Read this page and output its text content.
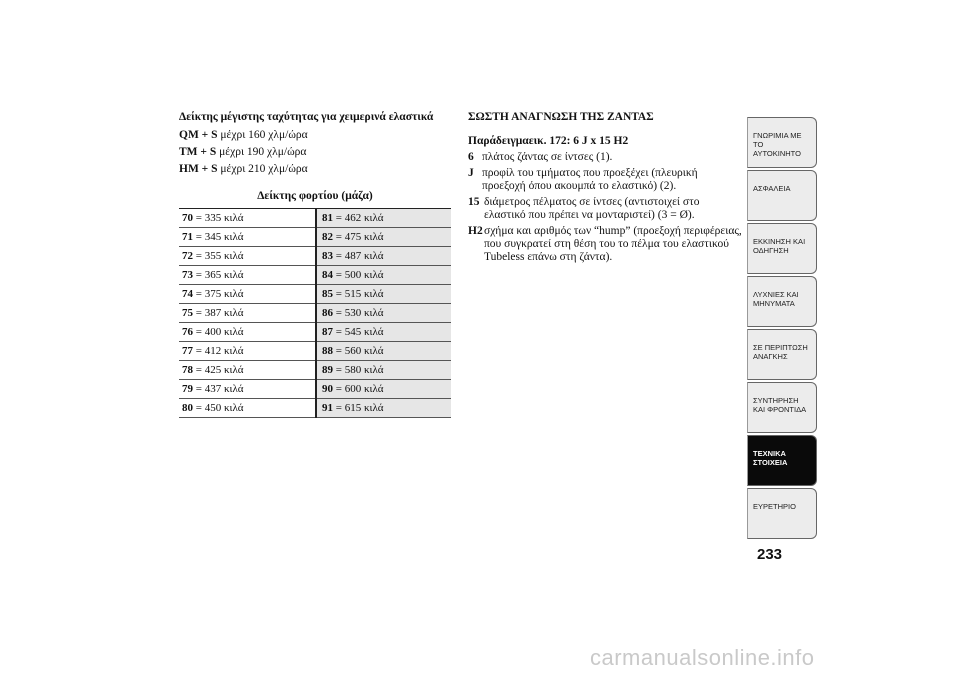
Δείκτης μέγιστης ταχύτητας για χειμερινά ελαστικά
QM + S μέχρι 160 χλμ/ώρα
TM + S μέχρι 190 χλμ/ώρα
HM + S μέχρι 210 χλμ/ώρα
Δείκτης φορτίου (μάζα)
70 = 335 κιλά	81 = 462 κιλά
71 = 345 κιλά	82 = 475 κιλά
72 = 355 κιλά	83 = 487 κιλά
73 = 365 κιλά	84 = 500 κιλά
74 = 375 κιλά	85 = 515 κιλά
75 = 387 κιλά	86 = 530 κιλά
76 = 400 κιλά	87 = 545 κιλά
77 = 412 κιλά	88 = 560 κιλά
78 = 425 κιλά	89 = 580 κιλά
79 = 437 κιλά	90 = 600 κιλά
80 = 450 κιλά	91 = 615 κιλά
ΣΩΣΤΗ ΑΝΑΓΝΩΣΗ ΤΗΣ ΖΑΝΤΑΣ
Παράδειγμαεικ. 172: 6 J x 15 H2
6 πλάτος ζάντας σε ίντσες (1).
J προφίλ του τμήματος που προεξέχει (πλευρική προεξοχή όπου ακουμπά το ελαστικό) (2).
15 διάμετρος πέλματος σε ίντσες (αντιστοιχεί στο ελαστικό που πρέπει να μονταριστεί) (3 = Ø).
H2 σχήμα και αριθμός των “hump” (προεξοχή περιφέρειας, που συγκρατεί στη θέση του το πέλμα του ελαστικού Tubeless επάνω στη ζάντα).
ΓΝΩΡΙΜΙΑ ΜΕ ΤΟ ΑΥΤΟΚΙΝΗΤΟ
ΑΣΦΑΛΕΙΑ
ΕΚΚΙΝΗΣΗ ΚΑΙ ΟΔΗΓΗΣΗ
ΛΥΧΝΙΕΣ ΚΑΙ ΜΗΝΥΜΑΤΑ
ΣΕ ΠΕΡΙΠΤΩΣΗ ΑΝΑΓΚΗΣ
ΣΥΝΤΗΡΗΣΗ ΚΑΙ ΦΡΟΝΤΙΔΑ
ΤΕΧΝΙΚΑ ΣΤΟΙΧΕΙΑ
ΕΥΡΕΤΗΡΙΟ
233
carmanualsonline.info
